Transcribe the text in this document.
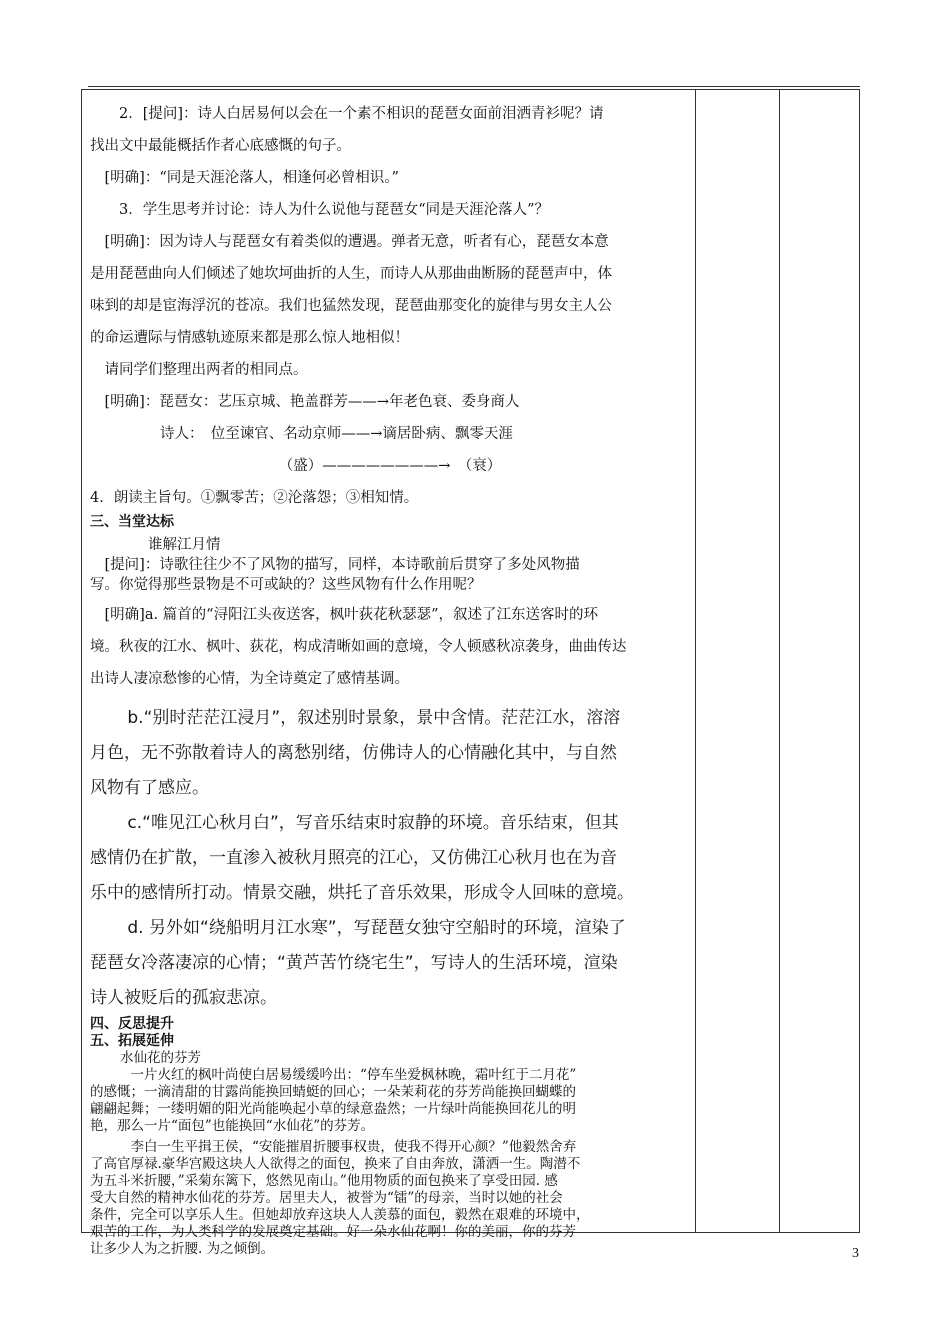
2．[提问]：诗人白居易何以会在一个素不相识的琵琶女面前泪洒青衫呢？请

找出文中最能概括作者心底感慨的句子。

[明确]：“同是天涯沦落人，相逢何必曾相识。”

3．学生思考并讨论：诗人为什么说他与琵琶女“同是天涯沦落人”？

[明确]：因为诗人与琵琶女有着类似的遭遇。弹者无意，听者有心，琵琶女本意

是用琵琶曲向人们倾述了她坎坷曲折的人生，而诗人从那曲曲断肠的琵琶声中，体

味到的却是宦海浮沉的苍凉。我们也猛然发现，琵琶曲那变化的旋律与男女主人公

的命运遭际与情感轨迹原来都是那么惊人地相似！

请同学们整理出两者的相同点。

[明确]：琵琶女：艺压京城、艳盖群芳——→年老色衰、委身商人

诗人：　位至谏官、名动京师——→谪居卧病、飘零天涯

（盛）————————→　（衰）

4．朗读主旨句。①飘零苦；②沦落怨；③相知情。

三、当堂达标

谁解江月情

[提问]：诗歌往往少不了风物的描写，同样，本诗歌前后贯穿了多处风物描

写。你觉得那些景物是不可或缺的？这些风物有什么作用呢？

[明确]a. 篇首的“浔阳江头夜送客，枫叶荻花秋瑟瑟”，叙述了江东送客时的环

境。秋夜的江水、枫叶、荻花，构成清晰如画的意境，令人顿感秋凉袭身，曲曲传达

出诗人凄凉愁惨的心情，为全诗奠定了感情基调。

b.“别时茫茫江浸月”，叙述别时景象，景中含情。茫茫江水，溶溶

月色，无不弥散着诗人的离愁别绪，仿佛诗人的心情融化其中，与自然

风物有了感应。

c.“唯见江心秋月白”，写音乐结束时寂静的环境。音乐结束，但其

感情仍在扩散，一直渗入被秋月照亮的江心，又仿佛江心秋月也在为音

乐中的感情所打动。情景交融，烘托了音乐效果，形成令人回味的意境。

d. 另外如“绕船明月江水寒”，写琵琶女独守空船时的环境，渲染了

琵琶女冷落凄凉的心情；“黄芦苦竹绕宅生”，写诗人的生活环境，渲染

诗人被贬后的孤寂悲凉。

四、反思提升

五、拓展延伸

水仙花的芬芳

一片火红的枫叶尚使白居易缓缓吟出：“停车坐爱枫林晚，霜叶红于二月花”

的感慨；一滴清甜的甘露尚能换回蜻蜓的回心；一朵茉莉花的芬芳尚能换回蝴蝶的

翩翩起舞；一缕明媚的阳光尚能唤起小草的绿意盎然；一片绿叶尚能换回花儿的明

艳，那么一片“面包”也能换回“水仙花”的芬芳。

李白一生平揖王侯，“安能摧眉折腰事权贵，使我不得开心颜？”他毅然舍弃

了高官厚禄.豪华宫殿这块人人欲得之的面包，换来了自由奔放，潇洒一生。陶潜不

为五斗米折腰，”采菊东篱下，悠然见南山。”他用物质的面包换来了享受田园. 感

受大自然的精神水仙花的芬芳。居里夫人，被誉为“镭”的母亲，当时以她的社会

条件，完全可以享乐人生。但她却放弃这块人人羡慕的面包，毅然在艰难的环境中，

艰苦的工作，为人类科学的发展奠定基础。好一朵水仙花啊！你的美丽，你的芬芳

让多少人为之折腰. 为之倾倒。	3
